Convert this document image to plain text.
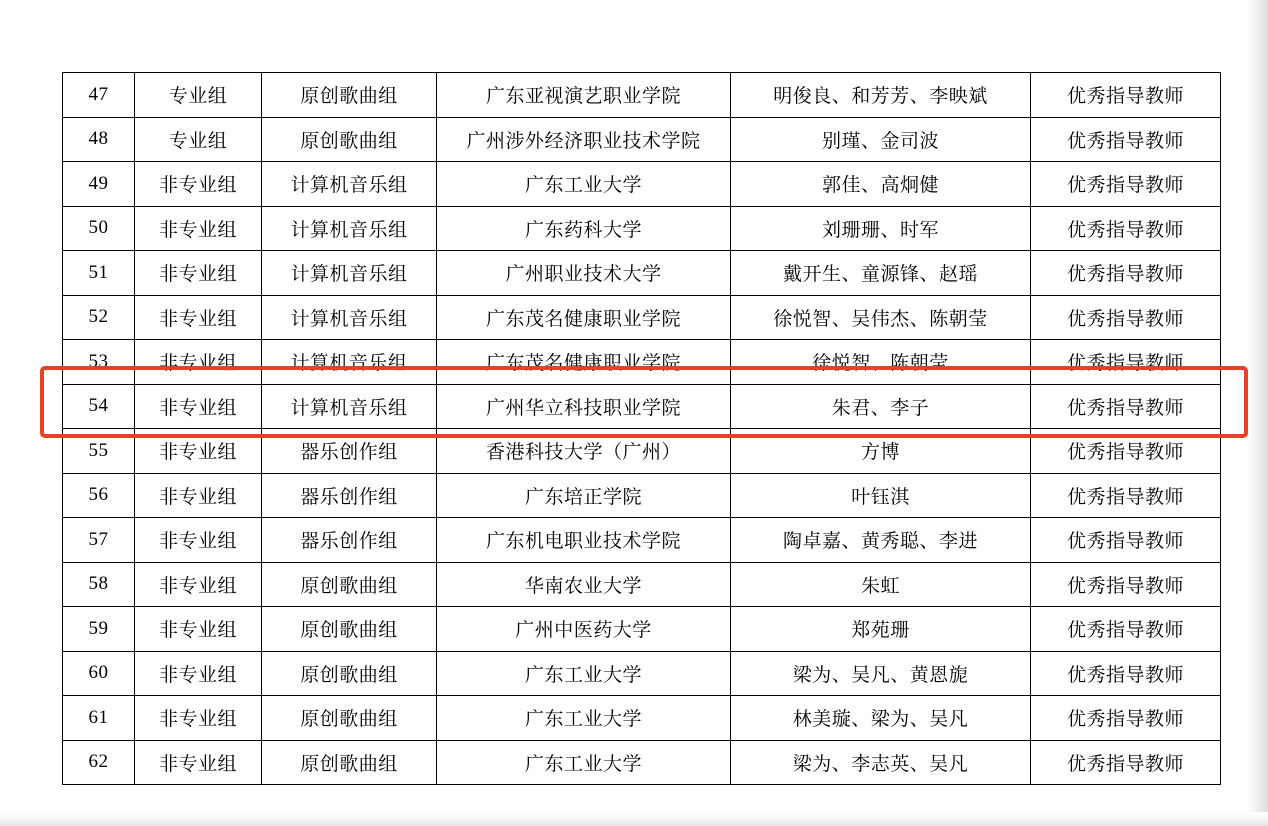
47	专业组	原创歌曲组	广东亚视演艺职业学院	明俊良、和芳芳、李映斌	优秀指导教师
48	专业组	原创歌曲组	广州涉外经济职业技术学院	别瑾、金司波	优秀指导教师
49	非专业组	计算机音乐组	广东工业大学	郭佳、高炯健	优秀指导教师
50	非专业组	计算机音乐组	广东药科大学	刘珊珊、时军	优秀指导教师
51	非专业组	计算机音乐组	广州职业技术大学	戴开生、童源锋、赵瑶	优秀指导教师
52	非专业组	计算机音乐组	广东茂名健康职业学院	徐悦智、吴伟杰、陈朝莹	优秀指导教师
53	非专业组	计算机音乐组	广东茂名健康职业学院	徐悦智、陈朝莹	优秀指导教师
54	非专业组	计算机音乐组	广州华立科技职业学院	朱君、李子	优秀指导教师
55	非专业组	器乐创作组	香港科技大学（广州）	方博	优秀指导教师
56	非专业组	器乐创作组	广东培正学院	叶钰淇	优秀指导教师
57	非专业组	器乐创作组	广东机电职业技术学院	陶卓嘉、黄秀聪、李进	优秀指导教师
58	非专业组	原创歌曲组	华南农业大学	朱虹	优秀指导教师
59	非专业组	原创歌曲组	广州中医药大学	郑苑珊	优秀指导教师
60	非专业组	原创歌曲组	广东工业大学	梁为、吴凡、黄恩旎	优秀指导教师
61	非专业组	原创歌曲组	广东工业大学	林美璇、梁为、吴凡	优秀指导教师
62	非专业组	原创歌曲组	广东工业大学	梁为、李志英、吴凡	优秀指导教师
